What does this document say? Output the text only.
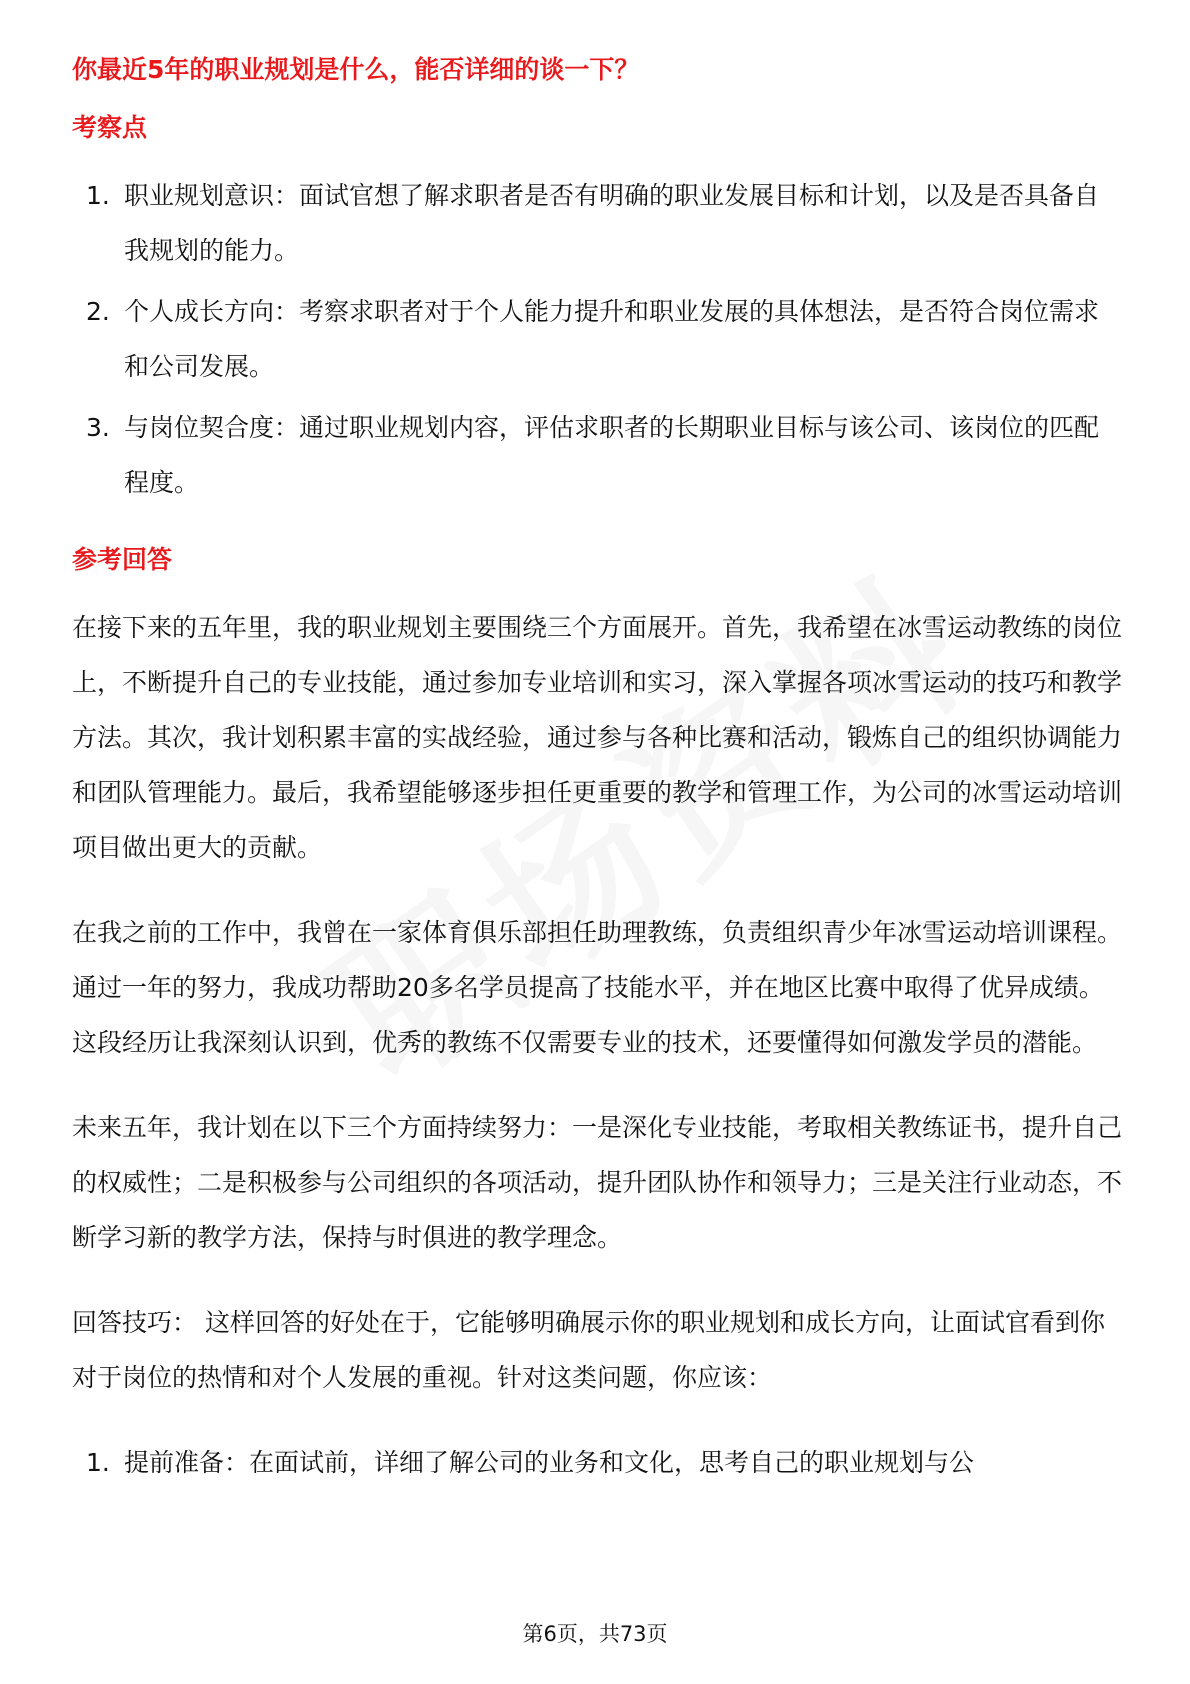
你最近5年的职业规划是什么，能否详细的谈一下？
考察点
1. 职业规划意识：面试官想了解求职者是否有明确的职业发展目标和计划，以及是否具备自我规划的能力。
2. 个人成长方向：考察求职者对于个人能力提升和职业发展的具体想法，是否符合岗位需求和公司发展。
3. 与岗位契合度：通过职业规划内容，评估求职者的长期职业目标与该公司、该岗位的匹配程度。
参考回答

在接下来的五年里，我的职业规划主要围绕三个方面展开。首先，我希望在冰雪运动教练的岗位上，不断提升自己的专业技能，通过参加专业培训和实习，深入掌握各项冰雪运动的技巧和教学方法。其次，我计划积累丰富的实战经验，通过参与各种比赛和活动，锻炼自己的组织协调能力和团队管理能力。最后，我希望能够逐步担任更重要的教学和管理工作，为公司的冰雪运动培训项目做出更大的贡献。

在我之前的工作中，我曾在一家体育俱乐部担任助理教练，负责组织青少年冰雪运动培训课程。通过一年的努力，我成功帮助20多名学员提高了技能水平，并在地区比赛中取得了优异成绩。这段经历让我深刻认识到，优秀的教练不仅需要专业的技术，还要懂得如何激发学员的潜能。

未来五年，我计划在以下三个方面持续努力：一是深化专业技能，考取相关教练证书，提升自己的权威性；二是积极参与公司组织的各项活动，提升团队协作和领导力；三是关注行业动态，不断学习新的教学方法，保持与时俱进的教学理念。

回答技巧： 这样回答的好处在于，它能够明确展示你的职业规划和成长方向，让面试官看到你对于岗位的热情和对个人发展的重视。针对这类问题，你应该：

1. 提前准备：在面试前，详细了解公司的业务和文化，思考自己的职业规划与公
第6页，共73页
